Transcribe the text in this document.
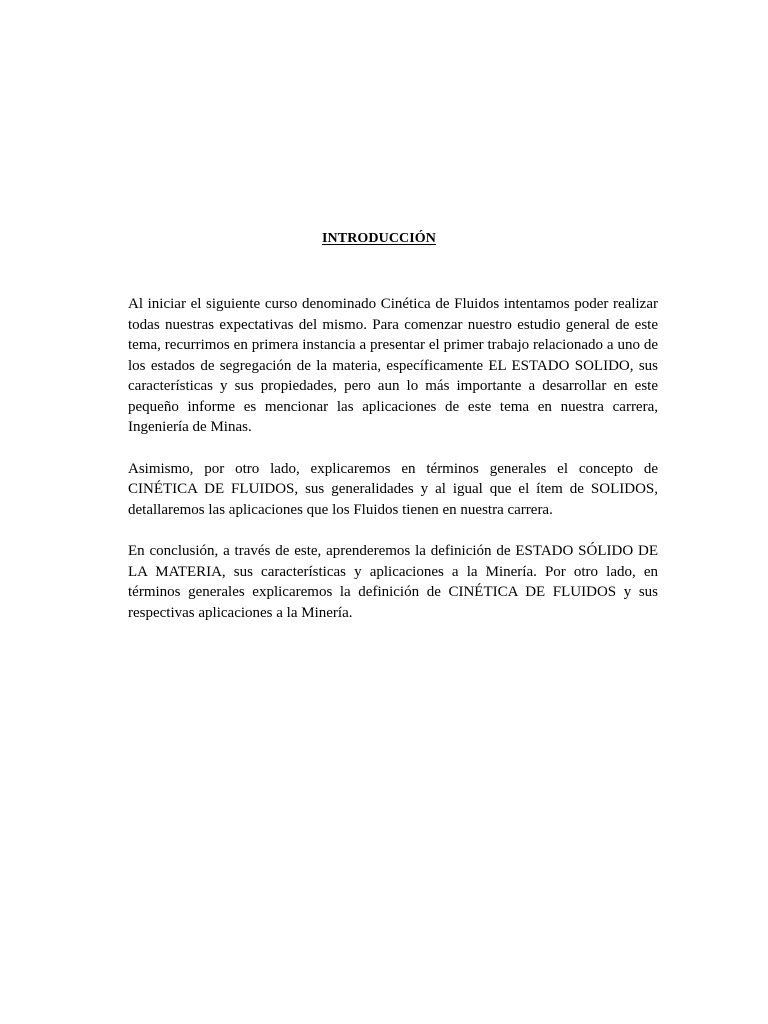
INTRODUCCIÓN

Al iniciar el siguiente curso denominado Cinética de Fluidos intentamos poder realizar todas nuestras expectativas del mismo. Para comenzar nuestro estudio general de este tema, recurrimos en primera instancia a presentar el primer trabajo relacionado a uno de los estados de segregación de la materia, específicamente EL ESTADO SOLIDO, sus características y sus propiedades, pero aun lo más importante a desarrollar en este pequeño informe es mencionar las aplicaciones de este tema en nuestra carrera, Ingeniería de Minas.

Asimismo, por otro lado, explicaremos en términos generales el concepto de CINÉTICA DE FLUIDOS, sus generalidades y al igual que el ítem de SOLIDOS, detallaremos las aplicaciones que los Fluidos tienen en nuestra carrera.

En conclusión, a través de este, aprenderemos la definición de ESTADO SÓLIDO DE LA MATERIA, sus características y aplicaciones a la Minería. Por otro lado, en términos generales explicaremos la definición de CINÉTICA DE FLUIDOS y sus respectivas aplicaciones a la Minería.
